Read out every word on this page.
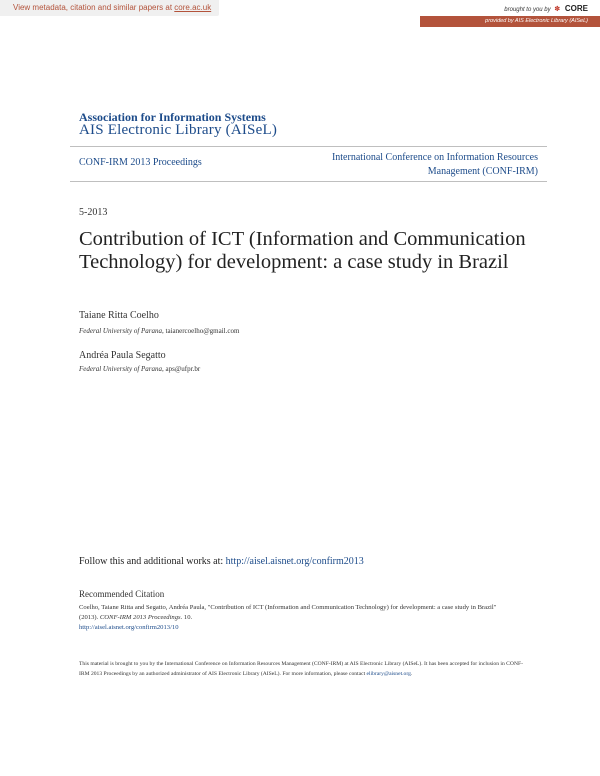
View metadata, citation and similar papers at core.ac.uk	brought to you by ✽ CORE
provided by AIS Electronic Library (AISeL)
Association for Information Systems
AIS Electronic Library (AISeL)
CONF-IRM 2013 Proceedings	International Conference on Information Resources
Management (CONF-IRM)
5-2013
Contribution of ICT (Information and Communication Technology) for development: a case study in Brazil
Taiane Ritta Coelho
Federal University of Parana, taianercoelho@gmail.com
Andréa Paula Segatto
Federal University of Parana, aps@ufpr.br
Follow this and additional works at: http://aisel.aisnet.org/confirm2013
Recommended Citation
Coelho, Taiane Ritta and Segatto, Andréa Paula, "Contribution of ICT (Information and Communication Technology) for development: a case study in Brazil" (2013). CONF-IRM 2013 Proceedings. 10.
http://aisel.aisnet.org/confirm2013/10
This material is brought to you by the International Conference on Information Resources Management (CONF-IRM) at AIS Electronic Library (AISeL). It has been accepted for inclusion in CONF-IRM 2013 Proceedings by an authorized administrator of AIS Electronic Library (AISeL). For more information, please contact elibrary@aisnet.org.
